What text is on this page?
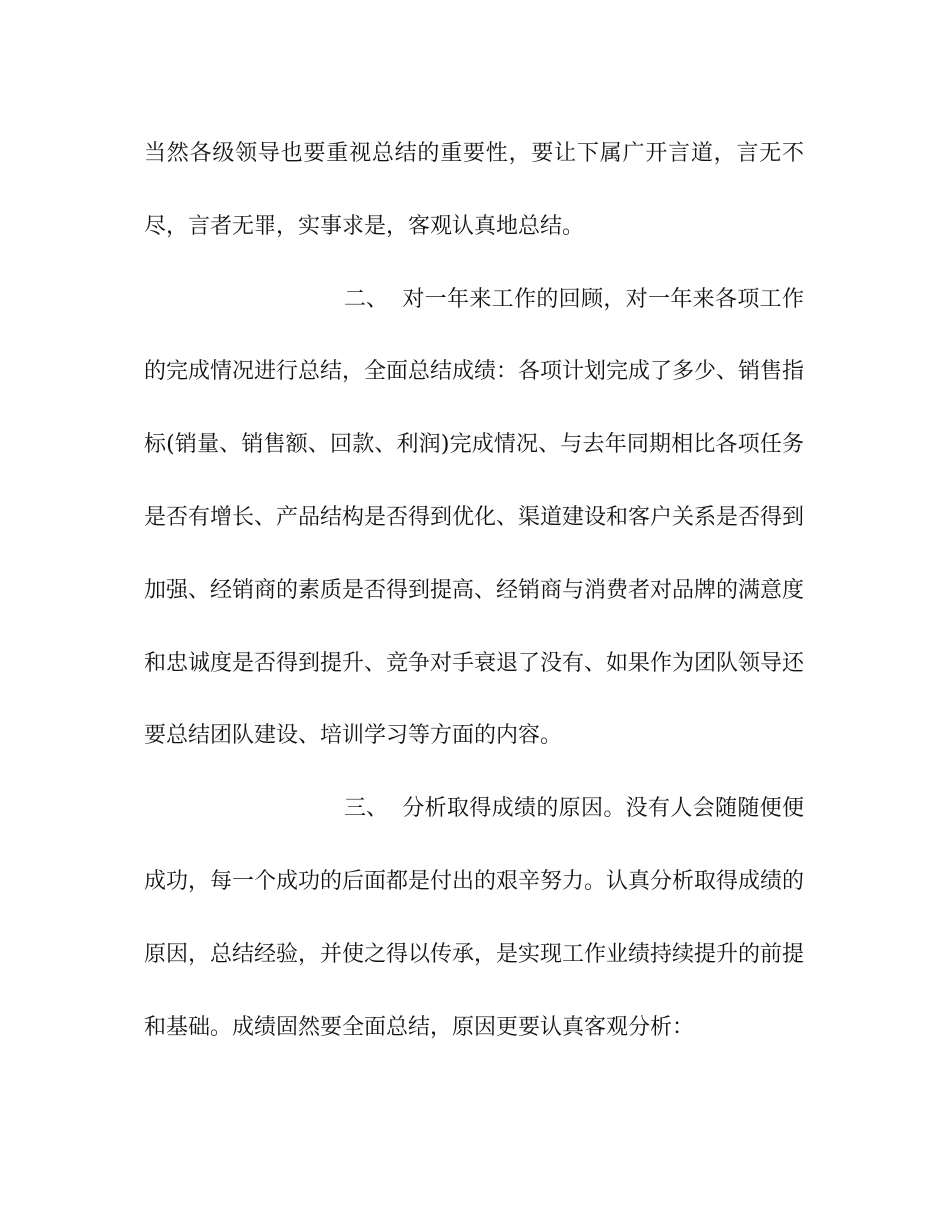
当然各级领导也要重视总结的重要性，要让下属广开言道，言无不尽，言者无罪，实事求是，客观认真地总结。

二、 对一年来工作的回顾，对一年来各项工作的完成情况进行总结，全面总结成绩：各项计划完成了多少、销售指标(销量、销售额、回款、利润)完成情况、与去年同期相比各项任务是否有增长、产品结构是否得到优化、渠道建设和客户关系是否得到加强、经销商的素质是否得到提高、经销商与消费者对品牌的满意度和忠诚度是否得到提升、竞争对手衰退了没有、如果作为团队领导还要总结团队建设、培训学习等方面的内容。

三、 分析取得成绩的原因。没有人会随随便便成功，每一个成功的后面都是付出的艰辛努力。认真分析取得成绩的原因，总结经验，并使之得以传承，是实现工作业绩持续提升的前提和基础。成绩固然要全面总结，原因更要认真客观分析：
